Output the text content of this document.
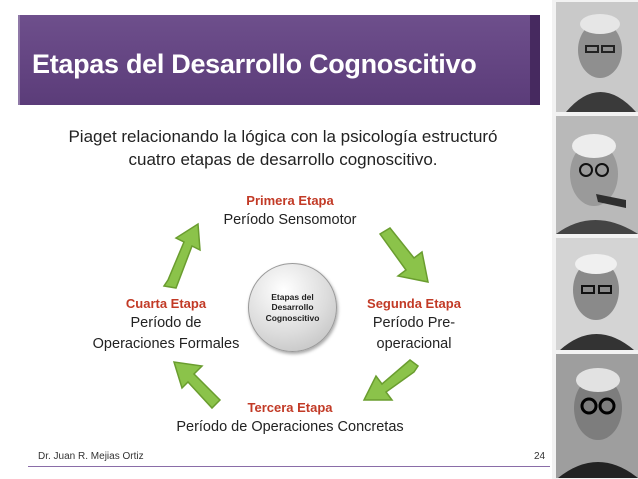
Etapas del Desarrollo Cognoscitivo
Piaget relacionando la lógica con la psicología estructuró
cuatro etapas de desarrollo cognoscitivo.
Primera Etapa
Período Sensomotor
Segunda Etapa
Período Pre-
operacional
Tercera Etapa
Período de Operaciones Concretas
Cuarta Etapa
Período de
Operaciones Formales
Etapas del
Desarrollo
Cognoscitivo
Dr. Juan R. Mejias Ortiz	24
